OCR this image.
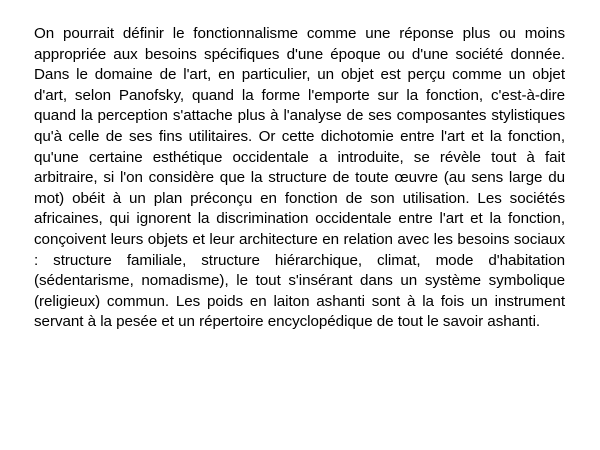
On pourrait définir le fonctionnalisme comme une réponse plus ou moins appropriée aux besoins spécifiques d'une époque ou d'une société donnée. Dans le domaine de l'art, en particulier, un objet est perçu comme un objet d'art, selon Panofsky, quand la forme l'emporte sur la fonction, c'est-à-dire quand la perception s'attache plus à l'analyse de ses composantes stylistiques qu'à celle de ses fins utilitaires. Or cette dichotomie entre l'art et la fonction, qu'une certaine esthétique occidentale a introduite, se révèle tout à fait arbitraire, si l'on considère que la structure de toute œuvre (au sens large du mot) obéit à un plan préconçu en fonction de son utilisation. Les sociétés africaines, qui ignorent la discrimination occidentale entre l'art et la fonction, conçoivent leurs objets et leur architecture en relation avec les besoins sociaux : structure familiale, structure hiérarchique, climat, mode d'habitation (sédentarisme, nomadisme), le tout s'insérant dans un système symbolique (religieux) commun. Les poids en laiton ashanti sont à la fois un instrument servant à la pesée et un répertoire encyclopédique de tout le savoir ashanti.
